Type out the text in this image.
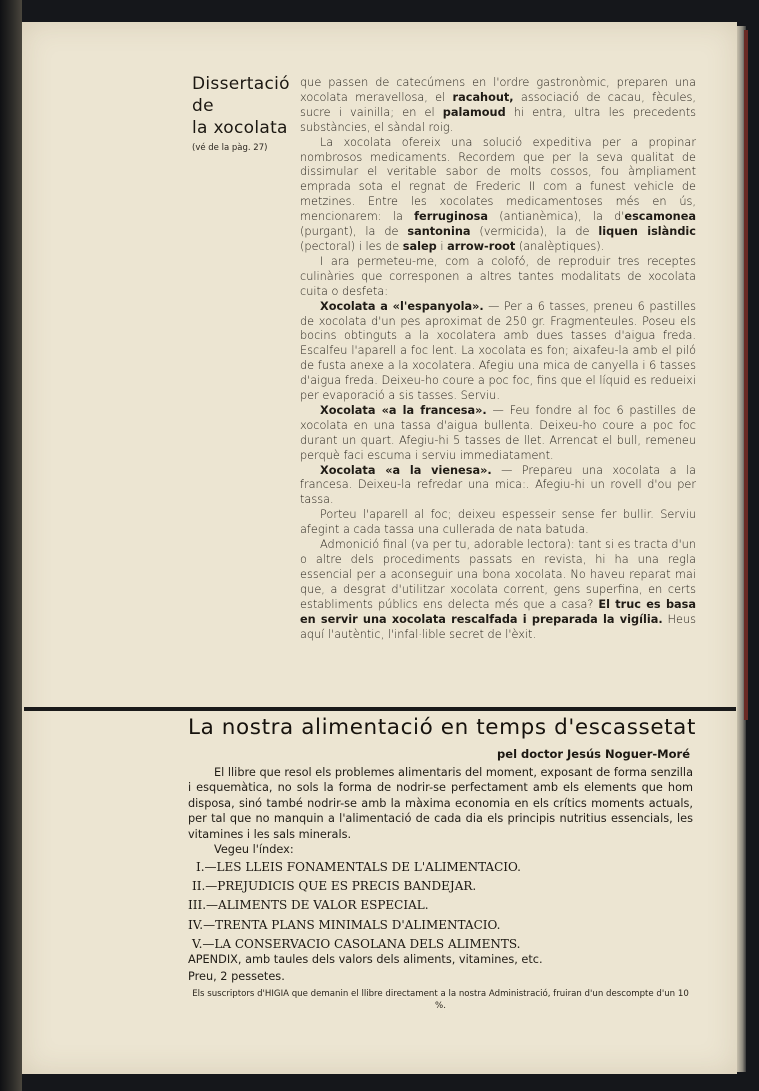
Dissertació
de
la xocolata
(vé de la pàg. 27)

que passen de catecúmens en l'ordre gastronòmic, preparen una xocolata meravellosa, el racahout, associació de cacau, fècules, sucre i vainilla; en el palamoud hi entra, ultra les precedents substàncies, el sàndal roig.

La xocolata ofereix una solució expeditiva per a propinar nombrosos medicaments. Recordem que per la seva qualitat de dissimular el veritable sabor de molts cossos, fou àmpliament emprada sota el regnat de Frederic II com a funest vehicle de metzines. Entre les xocolates medicamentoses més en ús, mencionarem: la ferruginosa (antianèmica), la d'escamonea (purgant), la de santonina (vermicida), la de liquen islàndic (pectoral) i les de salep i arrow-root (analèptiques).

I ara permeteu-me, com a colofó, de reproduir tres receptes culinàries que corresponen a altres tantes modalitats de xocolata cuita o desfeta:

Xocolata a «l'espanyola». — Per a 6 tasses, preneu 6 pastilles de xocolata d'un pes aproximat de 250 gr. Fragmenteules. Poseu els bocins obtinguts a la xocolatera amb dues tasses d'aigua freda. Escalfeu l'aparell a foc lent. La xocolata es fon; aixafeu-la amb el piló de fusta anexe a la xocolatera. Afegiu una mica de canyella i 6 tasses d'aigua freda. Deixeu-ho coure a poc foc, fins que el líquid es redueixi per evaporació a sis tasses. Serviu.

Xocolata «a la francesa». — Feu fondre al foc 6 pastilles de xocolata en una tassa d'aigua bullenta. Deixeu-ho coure a poc foc durant un quart. Afegiu-hi 5 tasses de llet. Arrencat el bull, remeneu perquè faci escuma i serviu immediatament.

Xocolata «a la vienesa». — Prepareu una xocolata a la francesa. Deixeu-la refredar una mica:. Afegiu-hi un rovell d'ou per tassa.

Porteu l'aparell al foc; deixeu espesseir sense fer bullir. Serviu afegint a cada tassa una cullerada de nata batuda.

Admonició final (va per tu, adorable lectora): tant si es tracta d'un o altre dels procediments passats en revista, hi ha una regla essencial per a aconseguir una bona xocolata. No haveu reparat mai que, a desgrat d'utilitzar xocolata corrent, gens superfina, en certs establiments públics ens delecta més que a casa? El truc es basa en servir una xocolata rescalfada i preparada la vigília. Heus aquí l'autèntic, l'infal·lible secret de l'èxit.

La nostra alimentació en temps d'escassetat
pel doctor Jesús Noguer-Moré

El llibre que resol els problemes alimentaris del moment, exposant de forma senzilla i esquemàtica, no sols la forma de nodrir-se perfectament amb els elements que hom disposa, sinó també nodrir-se amb la màxima economia en els crítics moments actuals, per tal que no manquin a l'alimentació de cada dia els principis nutritius essencials, les vitamines i les sals minerals.

Vegeu l'índex:

I.—LES LLEIS FONAMENTALS DE L'ALIMENTACIO.
II.—PREJUDICIS QUE ES PRECIS BANDEJAR.
III.—ALIMENTS DE VALOR ESPECIAL.
IV.—TRENTA PLANS MINIMALS D'ALIMENTACIO.
V.—LA CONSERVACIO CASOLANA DELS ALIMENTS.
APENDIX, amb taules dels valors dels aliments, vitamines, etc.
Preu, 2 pessetes.
Els suscriptors d'HIGIA que demanin el llibre directament a la nostra Administració, fruiran d'un descompte d'un 10 %.
